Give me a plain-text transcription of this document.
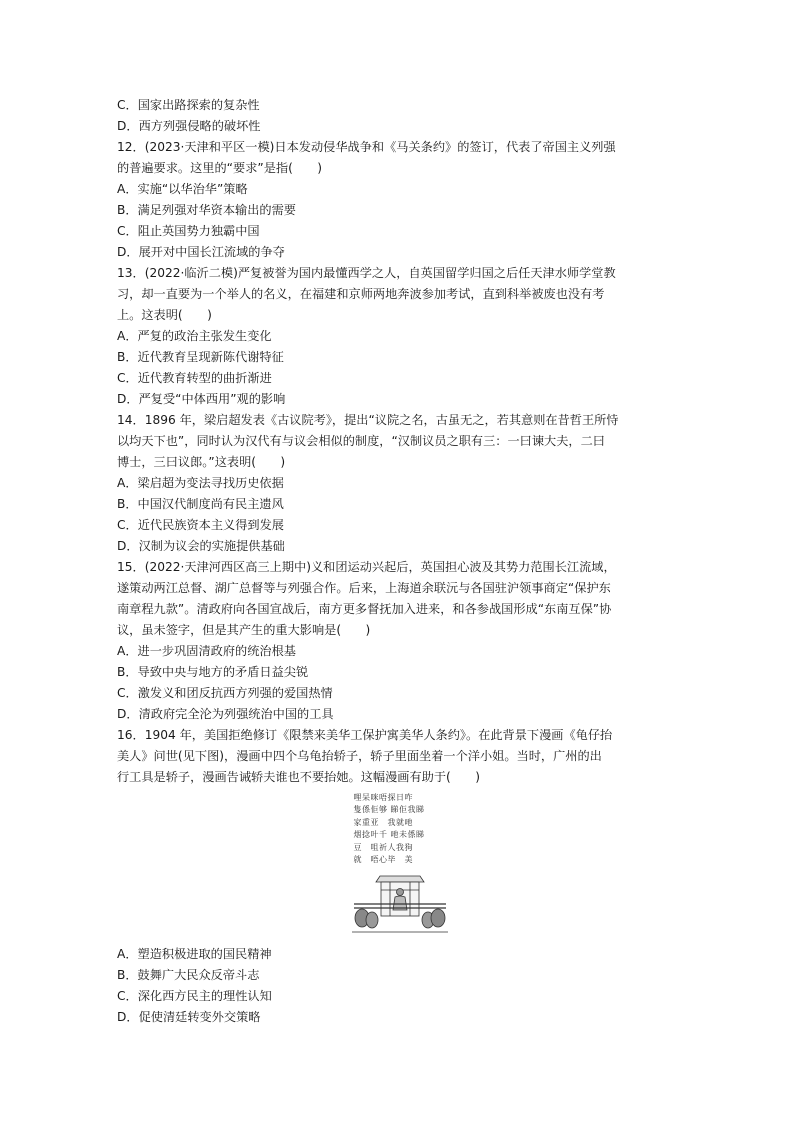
C．国家出路探索的复杂性
D．西方列强侵略的破坏性
12．(2023·天津和平区一模)日本发动侵华战争和《马关条约》的签订，代表了帝国主义列强
的普遍要求。这里的“要求”是指(　　)
A．实施“以华治华”策略
B．满足列强对华资本输出的需要
C．阻止英国势力独霸中国
D．展开对中国长江流域的争夺
13．(2022·临沂二模)严复被誉为国内最懂西学之人，自英国留学归国之后任天津水师学堂教
习，却一直要为一个举人的名义，在福建和京师两地奔波参加考试，直到科举被废也没有考
上。这表明(　　)
A．严复的政治主张发生变化
B．近代教育呈现新陈代谢特征
C．近代教育转型的曲折渐进
D．严复受“中体西用”观的影响
14．1896 年，梁启超发表《古议院考》，提出“议院之名，古虽无之，若其意则在昔哲王所恃
以均天下也”，同时认为汉代有与议会相似的制度，“汉制议员之职有三：一曰谏大夫，二曰
博士，三曰议郎。”这表明(　　)
A．梁启超为变法寻找历史依据
B．中国汉代制度尚有民主遗风
C．近代民族资本主义得到发展
D．汉制为议会的实施提供基础
15．(2022·天津河西区高三上期中)义和团运动兴起后，英国担心波及其势力范围长江流域，
遂策动两江总督、湖广总督等与列强合作。后来，上海道余联沅与各国驻沪领事商定“保护东
南章程九款”。清政府向各国宣战后，南方更多督抚加入进来，和各参战国形成“东南互保”协
议，虽未签字，但是其产生的重大影响是(　　)
A．进一步巩固清政府的统治根基
B．导致中央与地方的矛盾日益尖锐
C．激发义和团反抗西方列强的爱国热情
D．清政府完全沦为列强统治中国的工具
16．1904 年，美国拒绝修订《限禁来美华工保护寓美华人条约》。在此背景下漫画《龟仔抬
美人》问世(见下图)，漫画中四个乌龟抬轿子，轿子里面坐着一个洋小姐。当时，广州的出
行工具是轿子，漫画告诫轿夫谁也不要抬她。这幅漫画有助于(　　)
哩呆咪唔探日咋
隻係佢够 睇佢我睇
家重亚　我就吔
烟捻叶千 吔未係睇
豆　咀祈人我狗
就　唔心毕　美
A．塑造积极进取的国民精神
B．鼓舞广大民众反帝斗志
C．深化西方民主的理性认知
D．促使清廷转变外交策略
